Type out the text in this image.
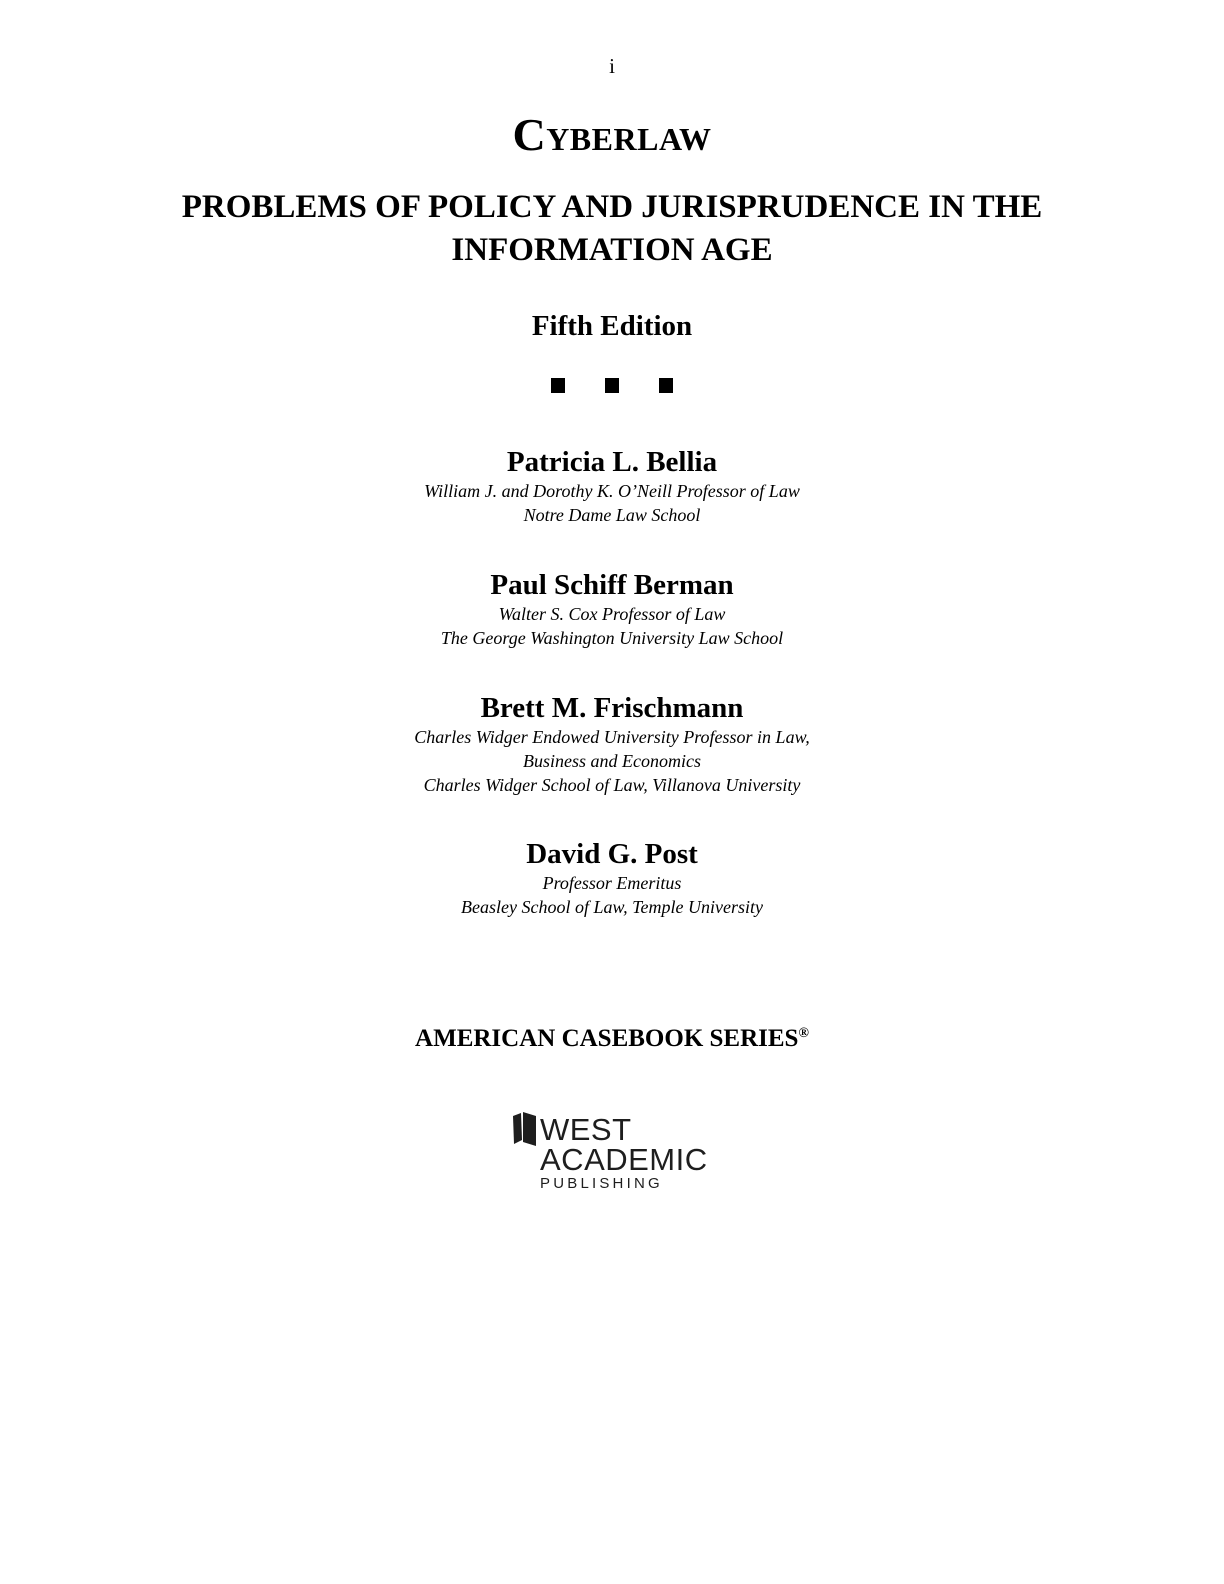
i
Cyberlaw
PROBLEMS OF POLICY AND JURISPRUDENCE IN THE
INFORMATION AGE
Fifth Edition
Patricia L. Bellia
William J. and Dorothy K. O’Neill Professor of Law
Notre Dame Law School
Paul Schiff Berman
Walter S. Cox Professor of Law
The George Washington University Law School
Brett M. Frischmann
Charles Widger Endowed University Professor in Law,
Business and Economics
Charles Widger School of Law, Villanova University
David G. Post
Professor Emeritus
Beasley School of Law, Temple University
AMERICAN CASEBOOK SERIES®
WEST
ACADEMIC
PUBLISHING
